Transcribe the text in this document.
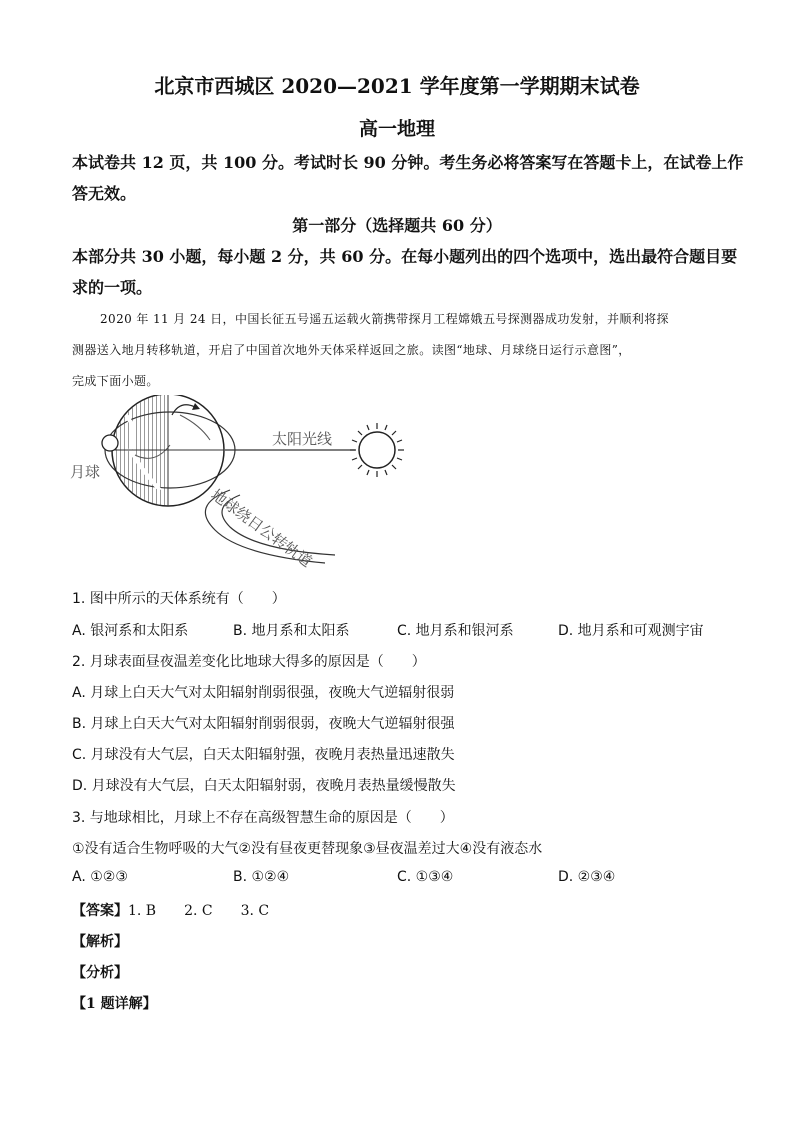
北京市西城区 2020—2021 学年度第一学期期末试卷
高一地理
本试卷共 12 页，共 100 分。考试时长 90 分钟。考生务必将答案写在答题卡上，在试卷上作
答无效。
第一部分（选择题共 60 分）
本部分共 30 小题，每小题 2 分，共 60 分。在每小题列出的四个选项中，选出最符合题目要
求的一项。
2020 年 11 月 24 日，中国长征五号遥五运载火箭携带探月工程嫦娥五号探测器成功发射，并顺利将探
测器送入地月转移轨道，开启了中国首次地外天体采样返回之旅。读图“地球、月球绕日运行示意图”，
完成下面小题。
月球
太阳光线
地球绕日公转轨道
1. 图中所示的天体系统有（　　）
A. 银河系和太阳系	B. 地月系和太阳系	C. 地月系和银河系	D. 地月系和可观测宇宙
2. 月球表面昼夜温差变化比地球大得多的原因是（　　）
A. 月球上白天大气对太阳辐射削弱很强，夜晚大气逆辐射很弱
B. 月球上白天大气对太阳辐射削弱很弱，夜晚大气逆辐射很强
C. 月球没有大气层，白天太阳辐射强，夜晚月表热量迅速散失
D. 月球没有大气层，白天太阳辐射弱，夜晚月表热量缓慢散失
3. 与地球相比，月球上不存在高级智慧生命的原因是（　　）
①没有适合生物呼吸的大气②没有昼夜更替现象③昼夜温差过大④没有液态水
A. ①②③	B. ①②④	C. ①③④	D. ②③④
【答案】1. B　　2. C　　3. C
【解析】
【分析】
【1 题详解】
